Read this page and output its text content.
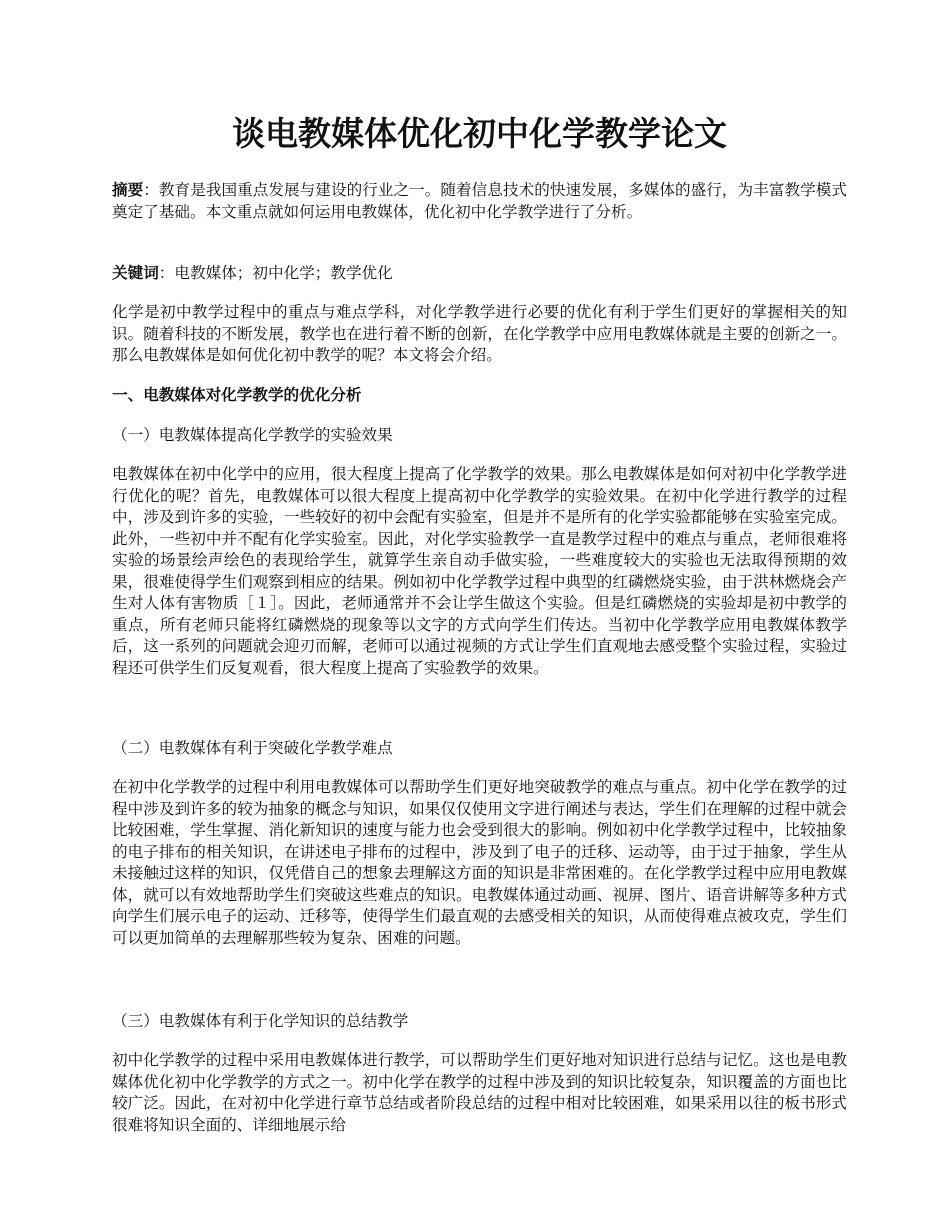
谈电教媒体优化初中化学教学论文

摘要：教育是我国重点发展与建设的行业之一。随着信息技术的快速发展，多媒体的盛行，为丰富教学模式奠定了基础。本文重点就如何运用电教媒体，优化初中化学教学进行了分析。

关键词：电教媒体；初中化学；教学优化

化学是初中教学过程中的重点与难点学科，对化学教学进行必要的优化有利于学生们更好的掌握相关的知识。随着科技的不断发展，教学也在进行着不断的创新，在化学教学中应用电教媒体就是主要的创新之一。那么电教媒体是如何优化初中教学的呢？本文将会介绍。

一、电教媒体对化学教学的优化分析

（一）电教媒体提高化学教学的实验效果

电教媒体在初中化学中的应用，很大程度上提高了化学教学的效果。那么电教媒体是如何对初中化学教学进行优化的呢？首先，电教媒体可以很大程度上提高初中化学教学的实验效果。在初中化学进行教学的过程中，涉及到许多的实验，一些较好的初中会配有实验室，但是并不是所有的化学实验都能够在实验室完成。此外，一些初中并不配有化学实验室。因此，对化学实验教学一直是教学过程中的难点与重点，老师很难将实验的场景绘声绘色的表现给学生，就算学生亲自动手做实验，一些难度较大的实验也无法取得预期的效果，很难使得学生们观察到相应的结果。例如初中化学教学过程中典型的红磷燃烧实验，由于洪林燃烧会产生对人体有害物质［１］。因此，老师通常并不会让学生做这个实验。但是红磷燃烧的实验却是初中教学的重点，所有老师只能将红磷燃烧的现象等以文字的方式向学生们传达。当初中化学教学应用电教媒体教学后，这一系列的问题就会迎刃而解，老师可以通过视频的方式让学生们直观地去感受整个实验过程，实验过程还可供学生们反复观看，很大程度上提高了实验教学的效果。

（二）电教媒体有利于突破化学教学难点

在初中化学教学的过程中利用电教媒体可以帮助学生们更好地突破教学的难点与重点。初中化学在教学的过程中涉及到许多的较为抽象的概念与知识，如果仅仅使用文字进行阐述与表达，学生们在理解的过程中就会比较困难，学生掌握、消化新知识的速度与能力也会受到很大的影响。例如初中化学教学过程中，比较抽象的电子排布的相关知识，在讲述电子排布的过程中，涉及到了电子的迁移、运动等，由于过于抽象，学生从未接触过这样的知识，仅凭借自己的想象去理解这方面的知识是非常困难的。在化学教学过程中应用电教媒体，就可以有效地帮助学生们突破这些难点的知识。电教媒体通过动画、视屏、图片、语音讲解等多种方式向学生们展示电子的运动、迁移等，使得学生们最直观的去感受相关的知识，从而使得难点被攻克，学生们可以更加简单的去理解那些较为复杂、困难的问题。

（三）电教媒体有利于化学知识的总结教学

初中化学教学的过程中采用电教媒体进行教学，可以帮助学生们更好地对知识进行总结与记忆。这也是电教媒体优化初中化学教学的方式之一。初中化学在教学的过程中涉及到的知识比较复杂，知识覆盖的方面也比较广泛。因此，在对初中化学进行章节总结或者阶段总结的过程中相对比较困难，如果采用以往的板书形式很难将知识全面的、详细地展示给
